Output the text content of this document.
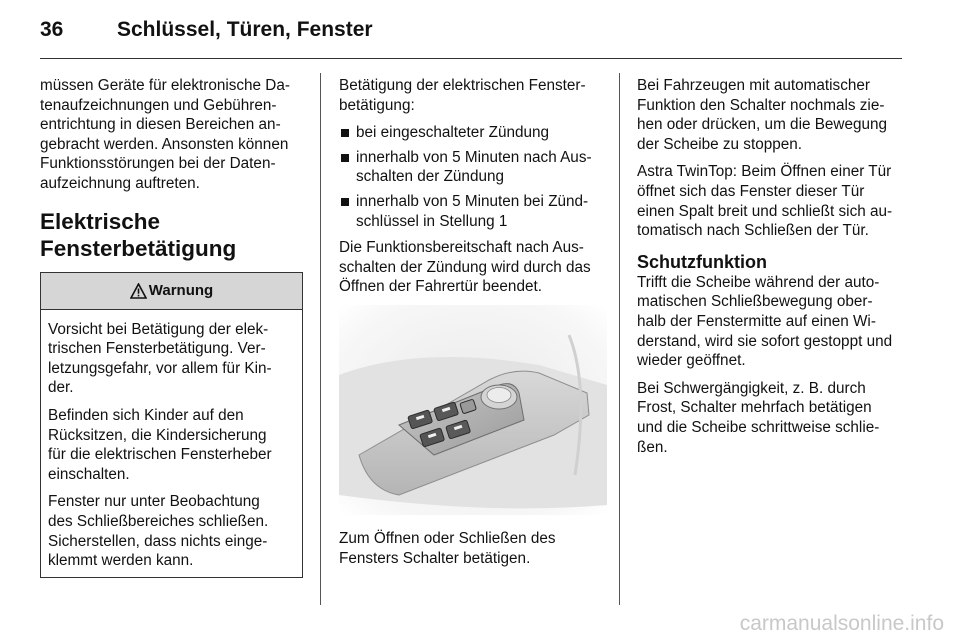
36	Schlüssel, Türen, Fenster

müssen Geräte für elektronische Da-
tenaufzeichnungen und Gebühren-
entrichtung in diesen Bereichen an-
gebracht werden. Ansonsten können
Funktionsstörungen bei der Daten-
aufzeichnung auftreten.

Elektrische
Fensterbetätigung
Warnung

Vorsicht bei Betätigung der elek-
trischen Fensterbetätigung. Ver-
letzungsgefahr, vor allem für Kin-
der.

Befinden sich Kinder auf den
Rücksitzen, die Kindersicherung
für die elektrischen Fensterheber
einschalten.

Fenster nur unter Beobachtung
des Schließbereiches schließen.
Sicherstellen, dass nichts einge-
klemmt werden kann.

Betätigung der elektrischen Fenster-
betätigung:

bei eingeschalteter Zündung
innerhalb von 5 Minuten nach Aus-
schalten der Zündung
innerhalb von 5 Minuten bei Zünd-
schlüssel in Stellung 1

Die Funktionsbereitschaft nach Aus-
schalten der Zündung wird durch das
Öffnen der Fahrertür beendet.

Zum Öffnen oder Schließen des
Fensters Schalter betätigen.

Bei Fahrzeugen mit automatischer
Funktion den Schalter nochmals zie-
hen oder drücken, um die Bewegung
der Scheibe zu stoppen.

Astra TwinTop: Beim Öffnen einer Tür
öffnet sich das Fenster dieser Tür
einen Spalt breit und schließt sich au-
tomatisch nach Schließen der Tür.

Schutzfunktion

Trifft die Scheibe während der auto-
matischen Schließbewegung ober-
halb der Fenstermitte auf einen Wi-
derstand, wird sie sofort gestoppt und
wieder geöffnet.

Bei Schwergängigkeit, z. B. durch
Frost, Schalter mehrfach betätigen
und die Scheibe schrittweise schlie-
ßen.

carmanualsonline.info
